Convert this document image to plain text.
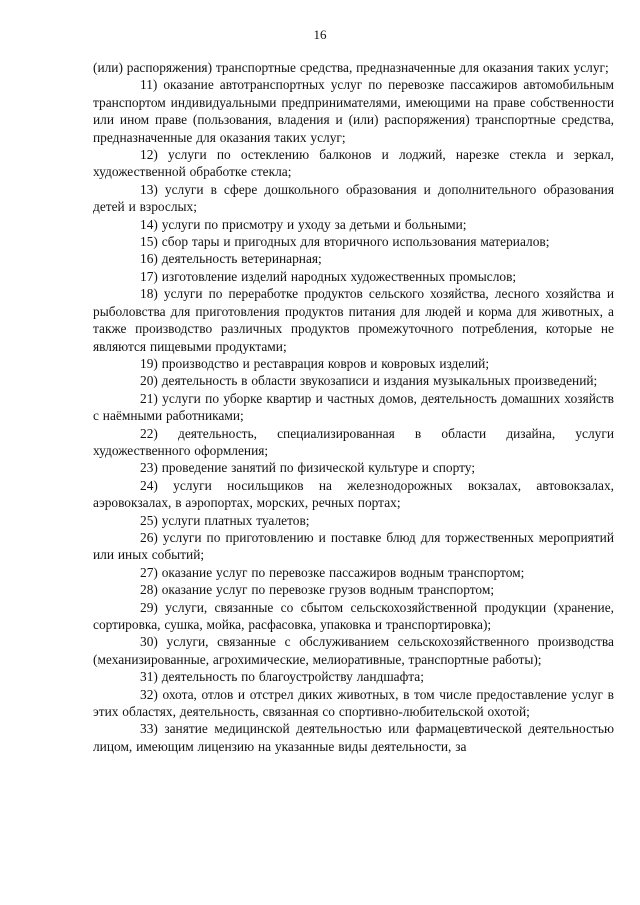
16

(или) распоряжения) транспортные средства, предназначенные для оказания таких услуг;

11) оказание автотранспортных услуг по перевозке пассажиров автомобильным транспортом индивидуальными предпринимателями, имеющими на праве собственности или ином праве (пользования, владения и (или) распоряжения) транспортные средства, предназначенные для оказания таких услуг;

12) услуги по остеклению балконов и лоджий, нарезке стекла и зеркал, художественной обработке стекла;

13) услуги в сфере дошкольного образования и дополнительного образования детей и взрослых;

14) услуги по присмотру и уходу за детьми и больными;

15) сбор тары и пригодных для вторичного использования материалов;

16) деятельность ветеринарная;

17) изготовление изделий народных художественных промыслов;

18) услуги по переработке продуктов сельского хозяйства, лесного хозяйства и рыболовства для приготовления продуктов питания для людей и корма для животных, а также производство различных продуктов промежуточного потребления, которые не являются пищевыми продуктами;

19) производство и реставрация ковров и ковровых изделий;

20) деятельность в области звукозаписи и издания музыкальных произведений;

21) услуги по уборке квартир и частных домов, деятельность домашних хозяйств с наёмными работниками;

22) деятельность, специализированная в области дизайна, услуги художественного оформления;

23) проведение занятий по физической культуре и спорту;

24) услуги носильщиков на железнодорожных вокзалах, автовокзалах, аэровокзалах, в аэропортах, морских, речных портах;

25) услуги платных туалетов;

26) услуги по приготовлению и поставке блюд для торжественных мероприятий или иных событий;

27) оказание услуг по перевозке пассажиров водным транспортом;

28) оказание услуг по перевозке грузов водным транспортом;

29) услуги, связанные со сбытом сельскохозяйственной продукции (хранение, сортировка, сушка, мойка, расфасовка, упаковка и транспортировка);

30) услуги, связанные с обслуживанием сельскохозяйственного производства (механизированные, агрохимические, мелиоративные, транспортные работы);

31) деятельность по благоустройству ландшафта;

32) охота, отлов и отстрел диких животных, в том числе предоставление услуг в этих областях, деятельность, связанная со спортивно-любительской охотой;

33) занятие медицинской деятельностью или фармацевтической деятельностью лицом, имеющим лицензию на указанные виды деятельности, за
